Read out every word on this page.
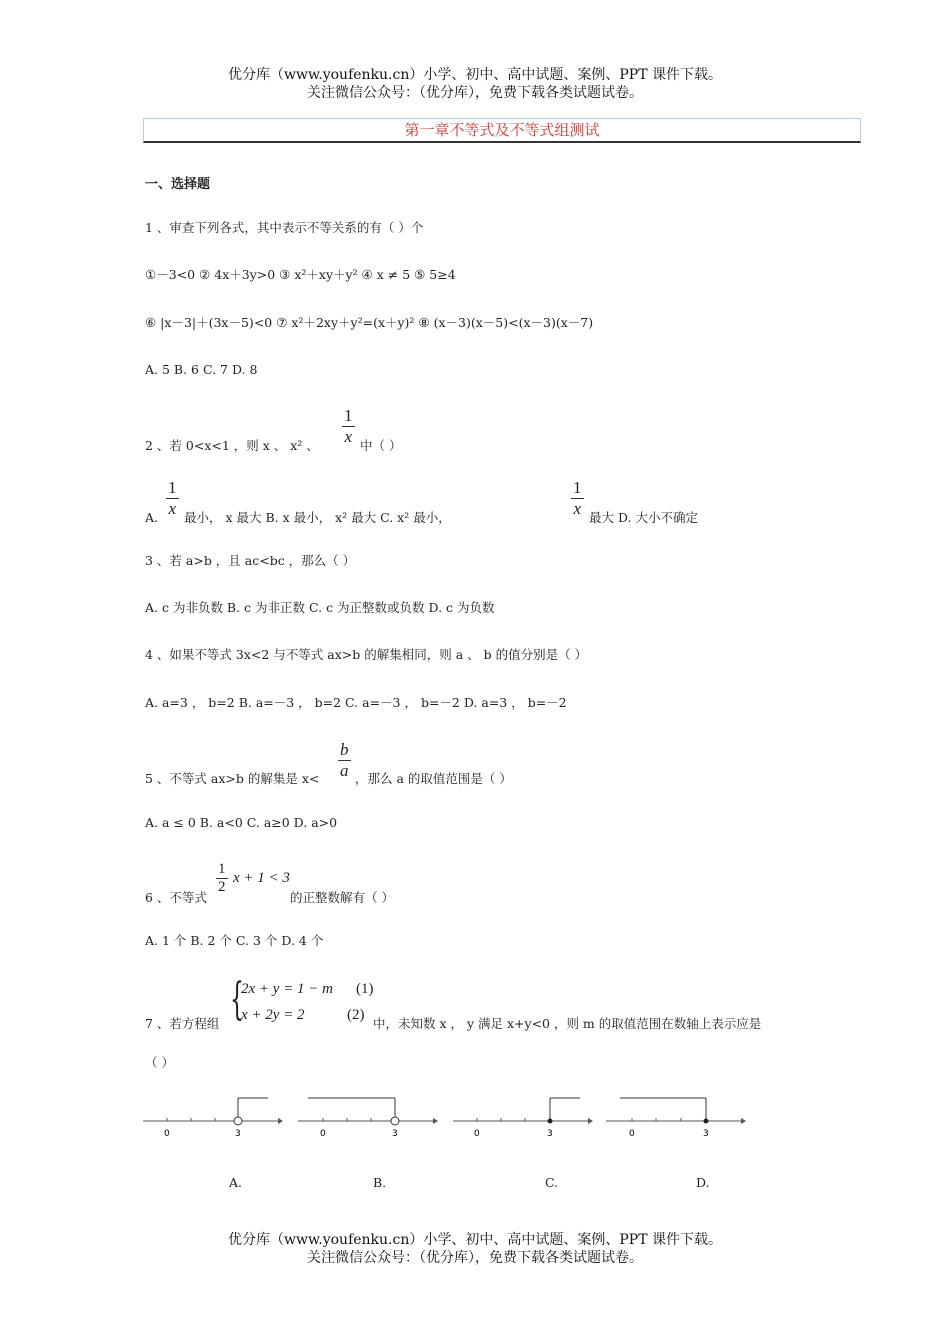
优分库（www.youfenku.cn）小学、初中、高中试题、案例、PPT 课件下载。
关注微信公众号：（优分库），免费下载各类试题试卷。
第一章不等式及不等式组测试
一、选择题
1 、审查下列各式，其中表示不等关系的有（ ）个
①－3<0 ② 4x＋3y>0 ③ x²＋xy＋y² ④ x ≠ 5 ⑤ 5≥4
⑥ |x－3|＋(3x－5)<0 ⑦ x²＋2xy＋y²=(x＋y)² ⑧ (x－3)(x－5)<(x－3)(x－7)
A. 5 B. 6 C. 7 D. 8
2 、若 0<x<1 ，则 x 、 x² 、 $\frac{1}{x}$ 中（ ）
A. $\frac{1}{x}$ 最小， x 最大 B. x 最小， x² 最大 C. x² 最小，	$\frac{1}{x}$ 最大 D. 大小不确定
3 、若 a>b ，且 ac<bc ，那么（ ）
A. c 为非负数 B. c 为非正数 C. c 为正整数或负数 D. c 为负数
4 、如果不等式 3x<2 与不等式 ax>b 的解集相同，则 a 、 b 的值分别是（ ）
A. a=3 ， b=2 B. a=－3 ， b=2 C. a=－3 ， b=－2 D. a=3 ， b=－2
5 、不等式 ax>b 的解集是 $x< \frac{b}{a}$ ，那么 a 的取值范围是（ ）
A. a ≤ 0 B. a<0 C. a≥0 D. a>0
6 、不等式
$\frac{1}{2}$ x + 1 < 3
的正整数解有（ ）
A. 1 个 B. 2 个 C. 3 个 D. 4 个
7 、若方程组 {
2x + y = 1 − m (1)
x + 2y = 2	(2)
中，未知数 x ， y 满足 x+y<0 ，则 m 的取值范围在数轴上表示应是
（ ）
0	3	0	3	0	3	0	3
A.	B.	C.	D.
优分库（www.youfenku.cn）小学、初中、高中试题、案例、PPT 课件下载。
关注微信公众号：（优分库），免费下载各类试题试卷。
